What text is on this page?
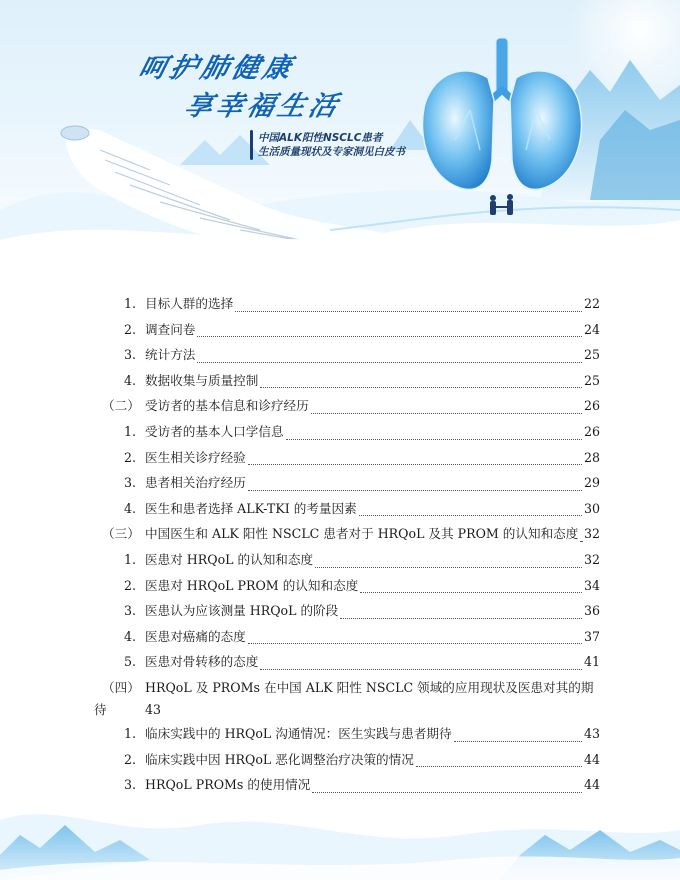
呵护肺健康
享幸福生活
中国ALK阳性NSCLC患者
生活质量现状及专家洞见白皮书
1. 目标人群的选择	22
2. 调查问卷	24
3. 统计方法	25
4. 数据收集与质量控制	25
（二） 受访者的基本信息和诊疗经历	26
1. 受访者的基本人口学信息	26
2. 医生相关诊疗经验	28
3. 患者相关治疗经历	29
4. 医生和患者选择 ALK-TKI 的考量因素	30
（三） 中国医生和 ALK 阳性 NSCLC 患者对于 HRQoL 及其 PROM 的认知和态度 32
1. 医患对 HRQoL 的认知和态度	32
2. 医患对 HRQoL PROM 的认知和态度	34
3. 医患认为应该测量 HRQoL 的阶段	36
4. 医患对癌痛的态度	37
5. 医患对骨转移的态度	41
（四） HRQoL 及 PROMs 在中国 ALK 阳性 NSCLC 领域的应用现状及医患对其的期
待	43
1. 临床实践中的 HRQoL 沟通情况：医生实践与患者期待	43
2. 临床实践中因 HRQoL 恶化调整治疗决策的情况	44
3. HRQoL PROMs 的使用情况	44
